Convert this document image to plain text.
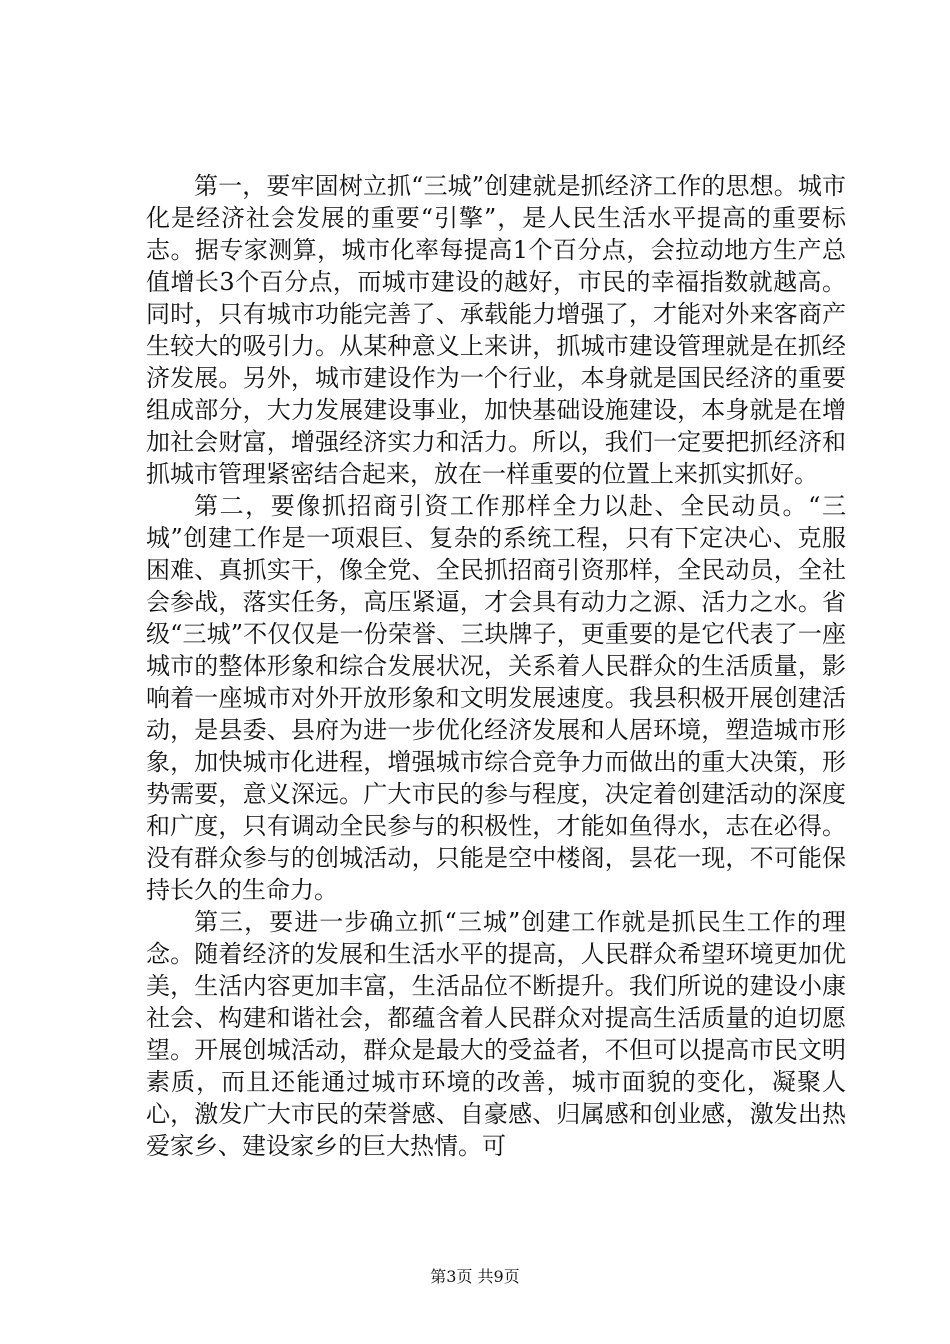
第一，要牢固树立抓“三城”创建就是抓经济工作的思想。城市化是经济社会发展的重要“引擎”，是人民生活水平提高的重要标志。据专家测算，城市化率每提高1个百分点，会拉动地方生产总值增长3个百分点，而城市建设的越好，市民的幸福指数就越高。同时，只有城市功能完善了、承载能力增强了，才能对外来客商产生较大的吸引力。从某种意义上来讲，抓城市建设管理就是在抓经济发展。另外，城市建设作为一个行业，本身就是国民经济的重要组成部分，大力发展建设事业，加快基础设施建设，本身就是在增加社会财富，增强经济实力和活力。所以，我们一定要把抓经济和抓城市管理紧密结合起来，放在一样重要的位置上来抓实抓好。

第二，要像抓招商引资工作那样全力以赴、全民动员。“三城”创建工作是一项艰巨、复杂的系统工程，只有下定决心、克服困难、真抓实干，像全党、全民抓招商引资那样，全民动员，全社会参战，落实任务，高压紧逼，才会具有动力之源、活力之水。省级“三城”不仅仅是一份荣誉、三块牌子，更重要的是它代表了一座城市的整体形象和综合发展状况，关系着人民群众的生活质量，影响着一座城市对外开放形象和文明发展速度。我县积极开展创建活动，是县委、县府为进一步优化经济发展和人居环境，塑造城市形象，加快城市化进程，增强城市综合竞争力而做出的重大决策，形势需要，意义深远。广大市民的参与程度，决定着创建活动的深度和广度，只有调动全民参与的积极性，才能如鱼得水，志在必得。没有群众参与的创城活动，只能是空中楼阁，昙花一现，不可能保持长久的生命力。

第三，要进一步确立抓“三城”创建工作就是抓民生工作的理念。随着经济的发展和生活水平的提高，人民群众希望环境更加优美，生活内容更加丰富，生活品位不断提升。我们所说的建设小康社会、构建和谐社会，都蕴含着人民群众对提高生活质量的迫切愿望。开展创城活动，群众是最大的受益者，不但可以提高市民文明素质，而且还能通过城市环境的改善，城市面貌的变化，凝聚人心，激发广大市民的荣誉感、自豪感、归属感和创业感，激发出热爱家乡、建设家乡的巨大热情。可

第3页 共9页
